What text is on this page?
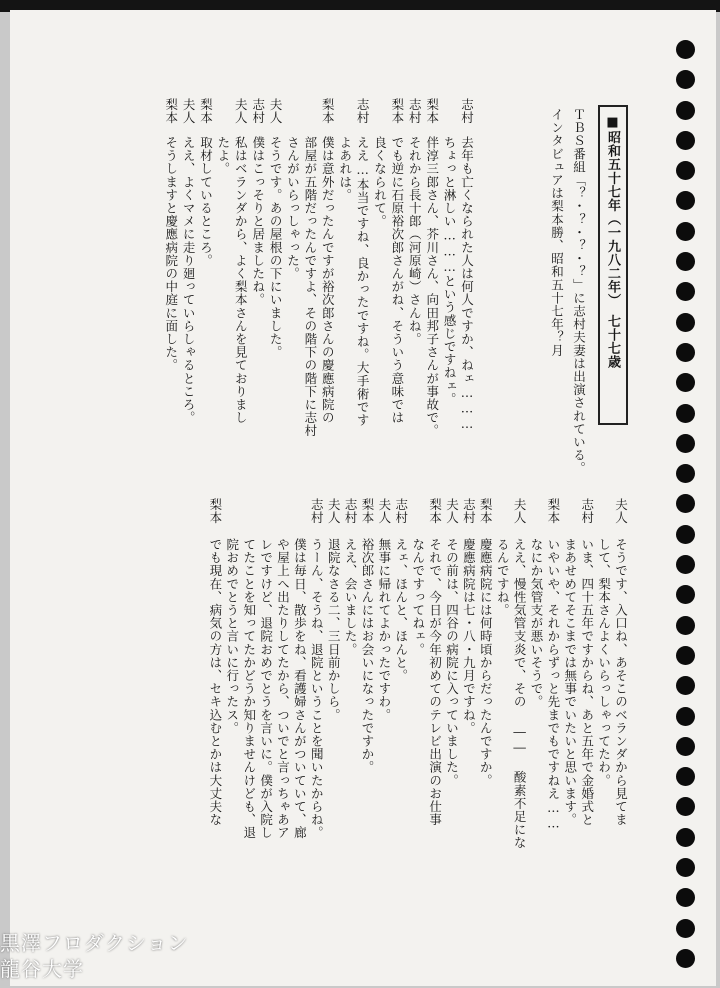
■昭和五十七年（一九八二年）　七十七歳
ＴＢＳ番組「？・？・？・？」に志村夫妻は出演されている。
インタビュアは梨本勝、昭和五十七年？月
志村
去年も亡くなられた人は何人ですか、ねェ………
ちょっと淋しい………という感じですねェ。
梨本
伴淳三郎さん、芥川さん、向田邦子さんが事故で。
志村
それから長十郎（河原崎）さんね。
梨本
でも逆に石原裕次郎さんがね、そういう意味では
良くなられて。
志村
ええ…本当ですね、良かったですね。大手術です
よあれは。
梨本
僕は意外だったんですが裕次郎さんの慶應病院の
部屋が五階だったんですよ、その階下の階下に志村
さんがいらっしゃった。
夫人
そうです。あの屋根の下にいました。
志村
僕はこっそりと居ましたね。
夫人
私はベランダから、よく梨本さんを見ておりまし
たよ。
梨本
取材しているところ。
夫人
ええ、よくマメに走り廻っていらしゃるところ。
梨本
そうしますと慶應病院の中庭に面した。
夫人
そうです、入口ね、あそこのベランダから見てま
して、梨本さんよくいらっしゃってたわ。
志村
いま、四十五年ですからね、あと五年で金婚式と
まあせめてそこまでは無事でいたいと思います。
梨本
いやいや、それからずっと先までもですねえ……
なにか気管支が悪いそうで。
夫人
ええ、慢性気管支炎で、その ―― 酸素不足にな
るんですね。
梨本
慶應病院には何時頃からだったんですか。
志村
慶應病院は七・八・九月ですね。
夫人
その前は、四谷の病院に入っていました。
梨本
それで、今日が今年初めてのテレビ出演のお仕事
なんですってねェ。
志村
えェ、ほんと、ほんと。
夫人
無事に帰れてよかったですわ。
梨本
裕次郎さんにはお会いになったですか。
志村
ええ、会いました。
夫人
退院なさる二、三日前かしら。
志村
うーん、そうね、退院ということを聞いたからね。
僕は毎日、散歩をね、看護婦さんがついていて、廊
や屋上へ出たりしてたから、ついでと言っちゃあア
レですけど、退院おめでとうを言いに。僕が入院し
てたことを知ってたかどうか知りませんけども、退
院おめでとうと言いに行ったス。
梨本
でも現在、病気の方は、セキ込むとかは大丈夫な
黒澤フロダクション
龍谷大学
